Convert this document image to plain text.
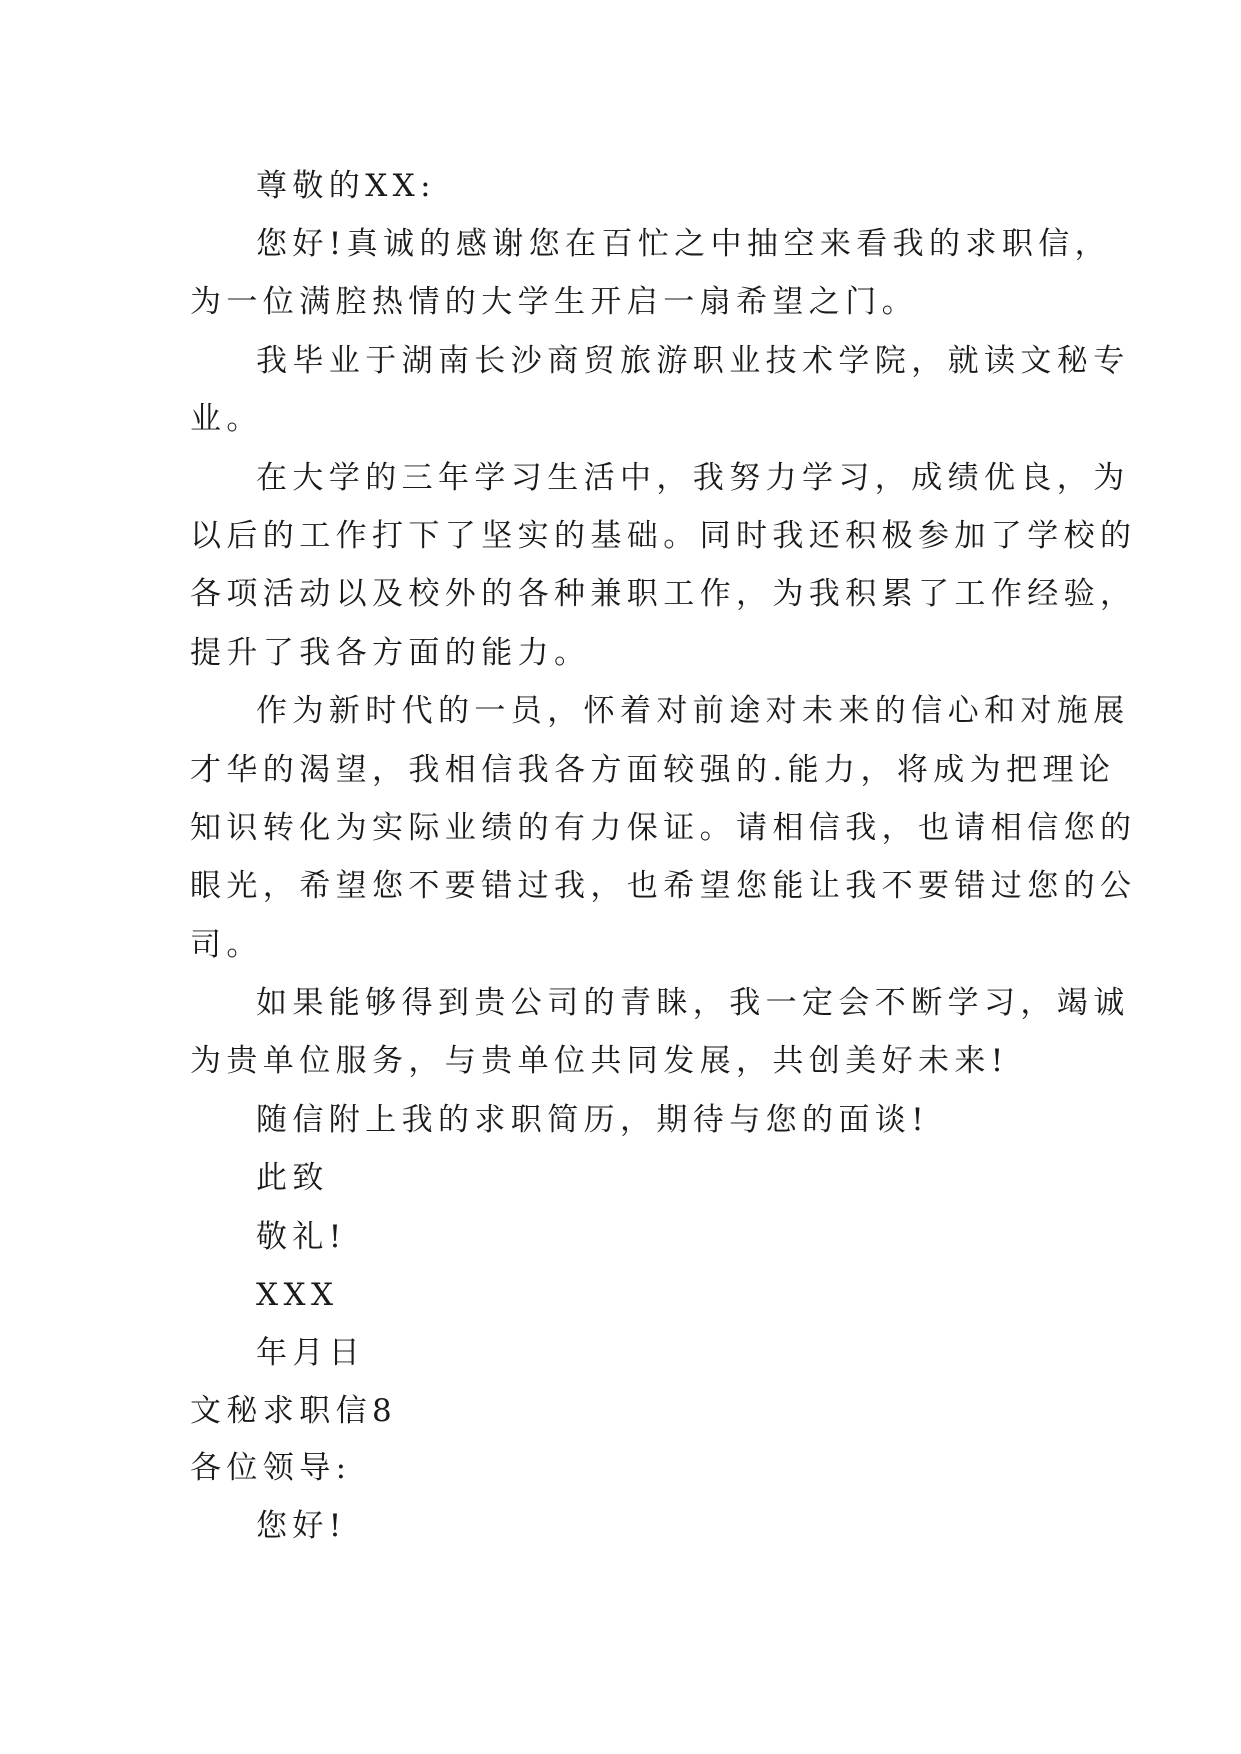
尊敬的XX:
您好!真诚的感谢您在百忙之中抽空来看我的求职信，
为一位满腔热情的大学生开启一扇希望之门。
我毕业于湖南长沙商贸旅游职业技术学院，就读文秘专
业。
在大学的三年学习生活中，我努力学习，成绩优良，为
以后的工作打下了坚实的基础。同时我还积极参加了学校的
各项活动以及校外的各种兼职工作，为我积累了工作经验，
提升了我各方面的能力。
作为新时代的一员，怀着对前途对未来的信心和对施展
才华的渴望，我相信我各方面较强的.能力，将成为把理论
知识转化为实际业绩的有力保证。请相信我，也请相信您的
眼光，希望您不要错过我，也希望您能让我不要错过您的公
司。
如果能够得到贵公司的青睐，我一定会不断学习，竭诚
为贵单位服务，与贵单位共同发展，共创美好未来!
随信附上我的求职简历，期待与您的面谈!
此致
敬礼!
XXX
年月日
文秘求职信8
各位领导:
您好!
